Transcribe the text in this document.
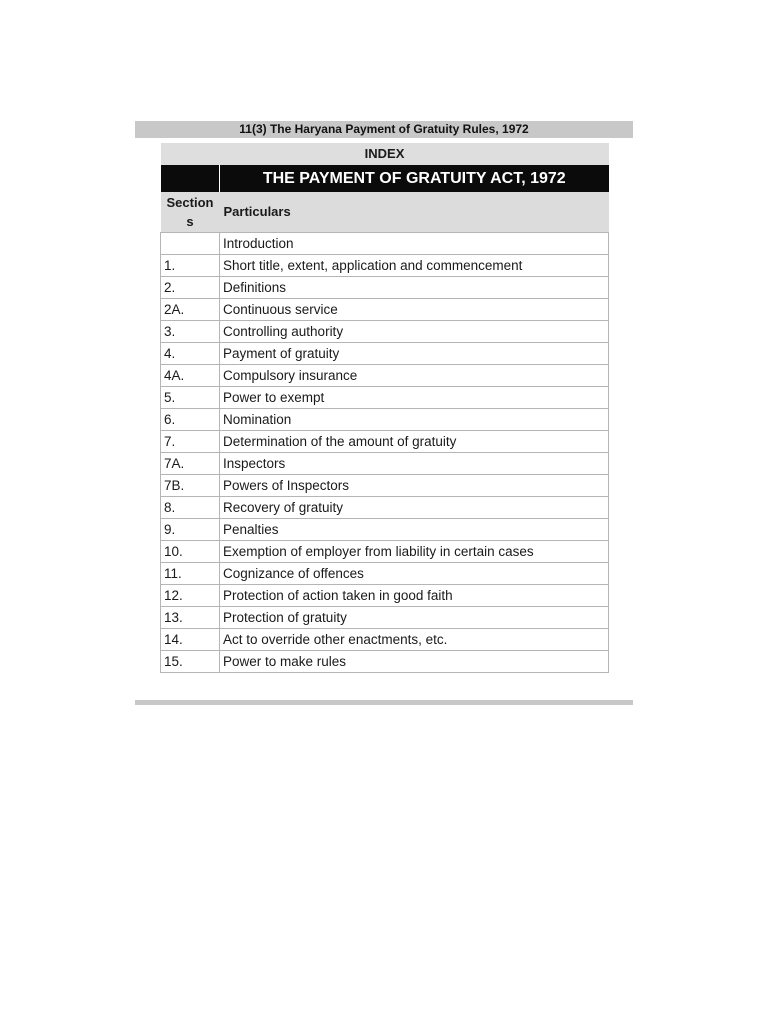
11(3) The Haryana Payment of Gratuity Rules, 1972
INDEX	
	THE PAYMENT OF GRATUITY ACT, 1972
Section
s	Particulars
	Introduction
1.	Short title, extent, application and commencement
2.	Definitions
2A.	Continuous service
3.	Controlling authority
4.	Payment of gratuity
4A.	Compulsory insurance
5.	Power to exempt
6.	Nomination
7.	Determination of the amount of gratuity
7A.	Inspectors
7B.	Powers of Inspectors
8.	Recovery of gratuity
9.	Penalties
10.	Exemption of employer from liability in certain cases
11.	Cognizance of offences
12.	Protection of action taken in good faith
13.	Protection of gratuity
14.	Act to override other enactments, etc.
15.	Power to make rules
